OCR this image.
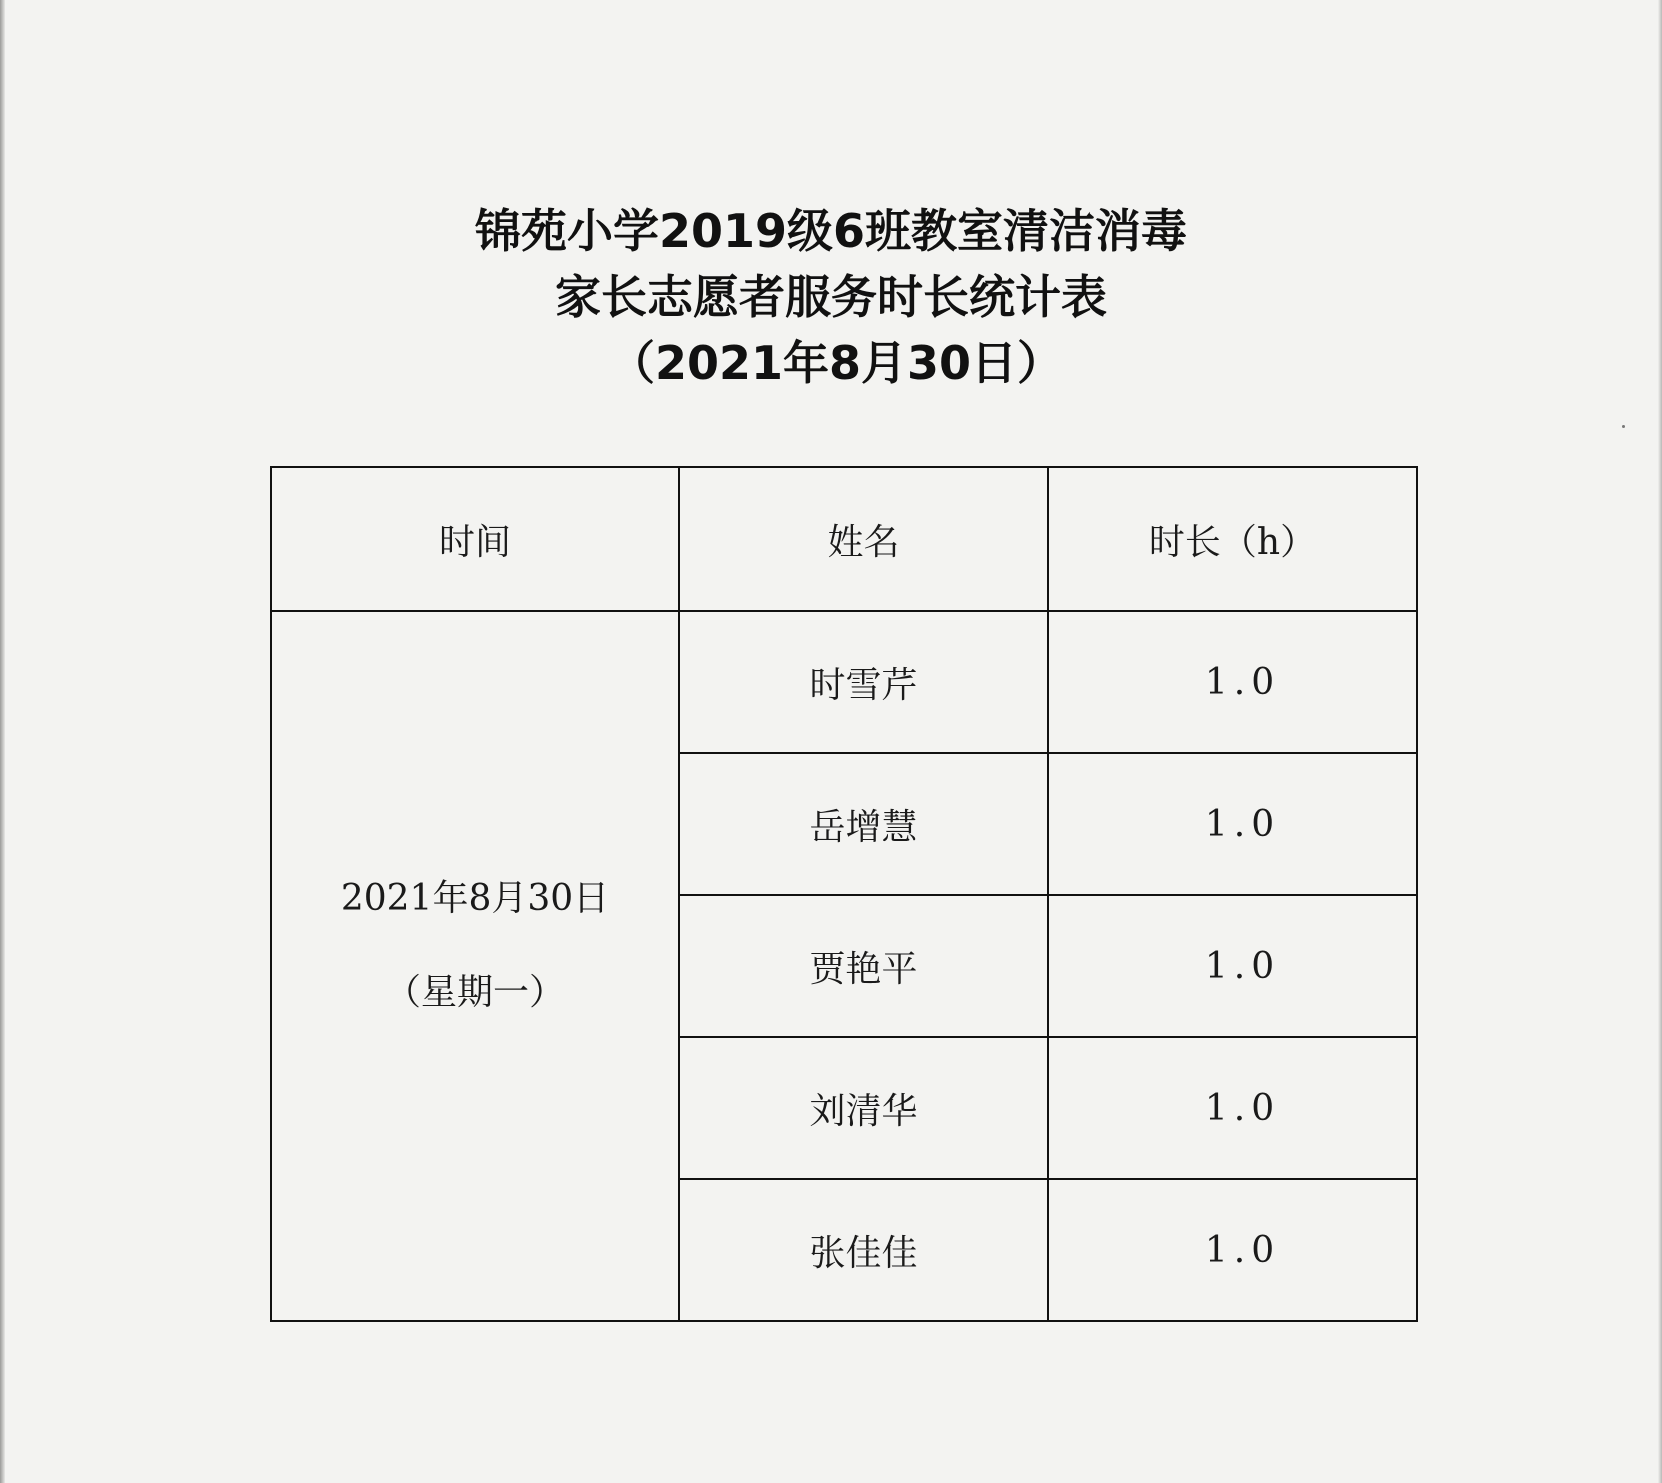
锦苑小学2019级6班教室清洁消毒
家长志愿者服务时长统计表
（2021年8月30日）
时间	姓名	时长（h）

2021年8月30日
（星期一）	时雪芹	1.0
	岳增慧	1.0
	贾艳平	1.0
	刘清华	1.0
	张佳佳	1.0
